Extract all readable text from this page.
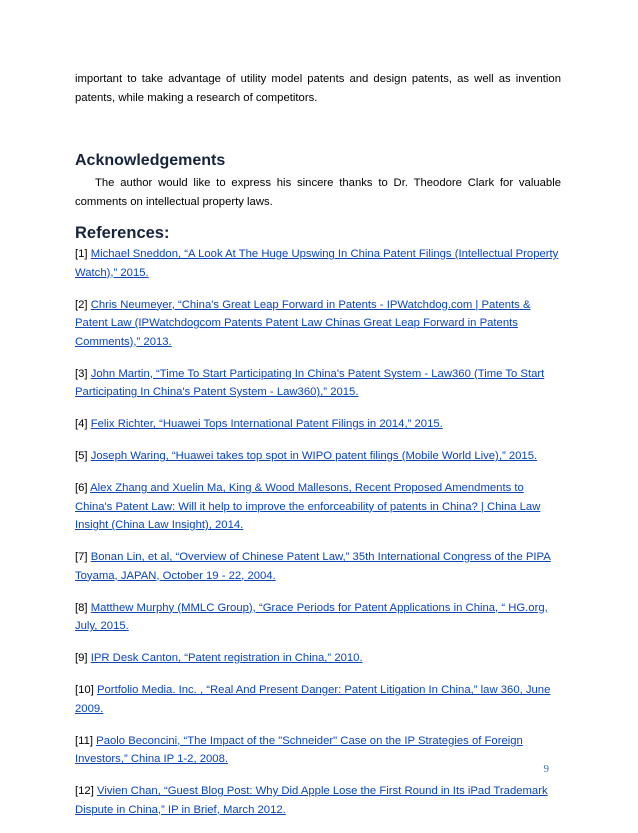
important to take advantage of utility model patents and design patents, as well as invention patents, while making a research of competitors.

Acknowledgements

The author would like to express his sincere thanks to Dr. Theodore Clark for valuable comments on intellectual property laws.

References:
[1] Michael Sneddon, “A Look At The Huge Upswing In China Patent Filings (Intellectual Property Watch),” 2015.
[2] Chris Neumeyer, “China's Great Leap Forward in Patents - IPWatchdog.com | Patents & Patent Law (IPWatchdogcom Patents Patent Law Chinas Great Leap Forward in Patents Comments),” 2013.
[3] John Martin, “Time To Start Participating In China's Patent System - Law360 (Time To Start Participating In China's Patent System - Law360),” 2015.
[4] Felix Richter, “Huawei Tops International Patent Filings in 2014,” 2015.
[5] Joseph Waring, “Huawei takes top spot in WIPO patent filings (Mobile World Live),” 2015.
[6] Alex Zhang and Xuelin Ma, King & Wood Mallesons, Recent Proposed Amendments to China's Patent Law: Will it help to improve the enforceability of patents in China? | China Law Insight (China Law Insight), 2014.
[7] Bonan Lin, et al, “Overview of Chinese Patent Law,” 35th International Congress of the PIPA Toyama, JAPAN, October 19 - 22, 2004.
[8] Matthew Murphy (MMLC Group), “Grace Periods for Patent Applications in China, “ HG.org, July, 2015.
[9] IPR Desk Canton, “Patent registration in China,” 2010.
[10] Portfolio Media. Inc. , “Real And Present Danger: Patent Litigation In China,” law 360, June 2009.
[11] Paolo Beconcini, “The Impact of the "Schneider" Case on the IP Strategies of Foreign Investors,” China IP 1-2, 2008.
[12] Vivien Chan, “Guest Blog Post: Why Did Apple Lose the First Round in Its iPad Trademark Dispute in China,” IP in Brief, March 2012.
9
